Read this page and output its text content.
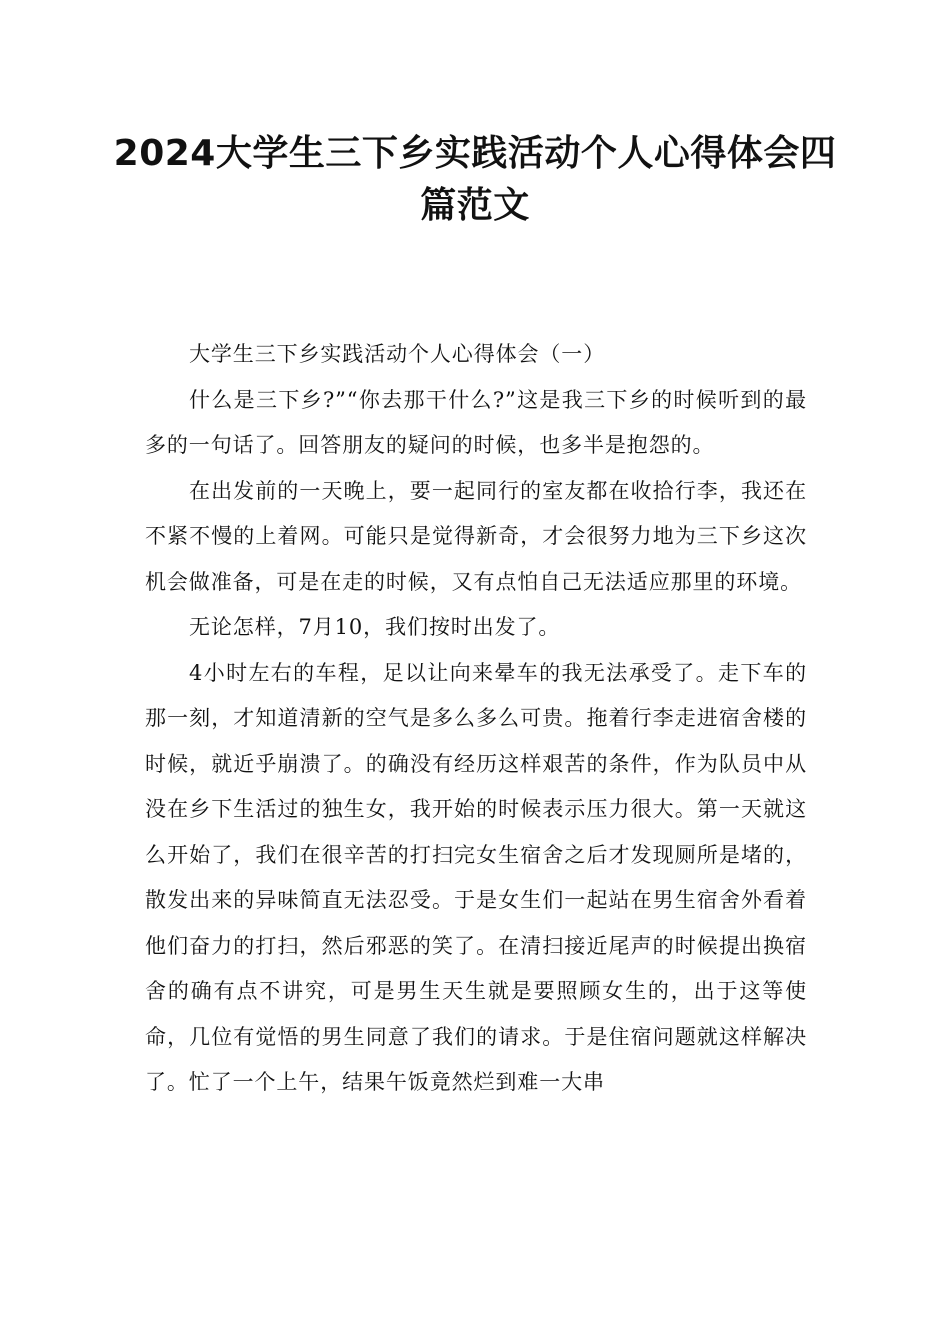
2024大学生三下乡实践活动个人心得体会四篇范文

大学生三下乡实践活动个人心得体会（一）

什么是三下乡?”“你去那干什么?”这是我三下乡的时候听到的最多的一句话了。回答朋友的疑问的时候，也多半是抱怨的。

在出发前的一天晚上，要一起同行的室友都在收拾行李，我还在不紧不慢的上着网。可能只是觉得新奇，才会很努力地为三下乡这次机会做准备，可是在走的时候，又有点怕自己无法适应那里的环境。

无论怎样，7月10，我们按时出发了。

4小时左右的车程，足以让向来晕车的我无法承受了。走下车的那一刻，才知道清新的空气是多么多么可贵。拖着行李走进宿舍楼的时候，就近乎崩溃了。的确没有经历这样艰苦的条件，作为队员中从没在乡下生活过的独生女，我开始的时候表示压力很大。第一天就这么开始了，我们在很辛苦的打扫完女生宿舍之后才发现厕所是堵的，散发出来的异味简直无法忍受。于是女生们一起站在男生宿舍外看着他们奋力的打扫，然后邪恶的笑了。在清扫接近尾声的时候提出换宿舍的确有点不讲究，可是男生天生就是要照顾女生的，出于这等使命，几位有觉悟的男生同意了我们的请求。于是住宿问题就这样解决了。忙了一个上午，结果午饭竟然烂到难一大串
